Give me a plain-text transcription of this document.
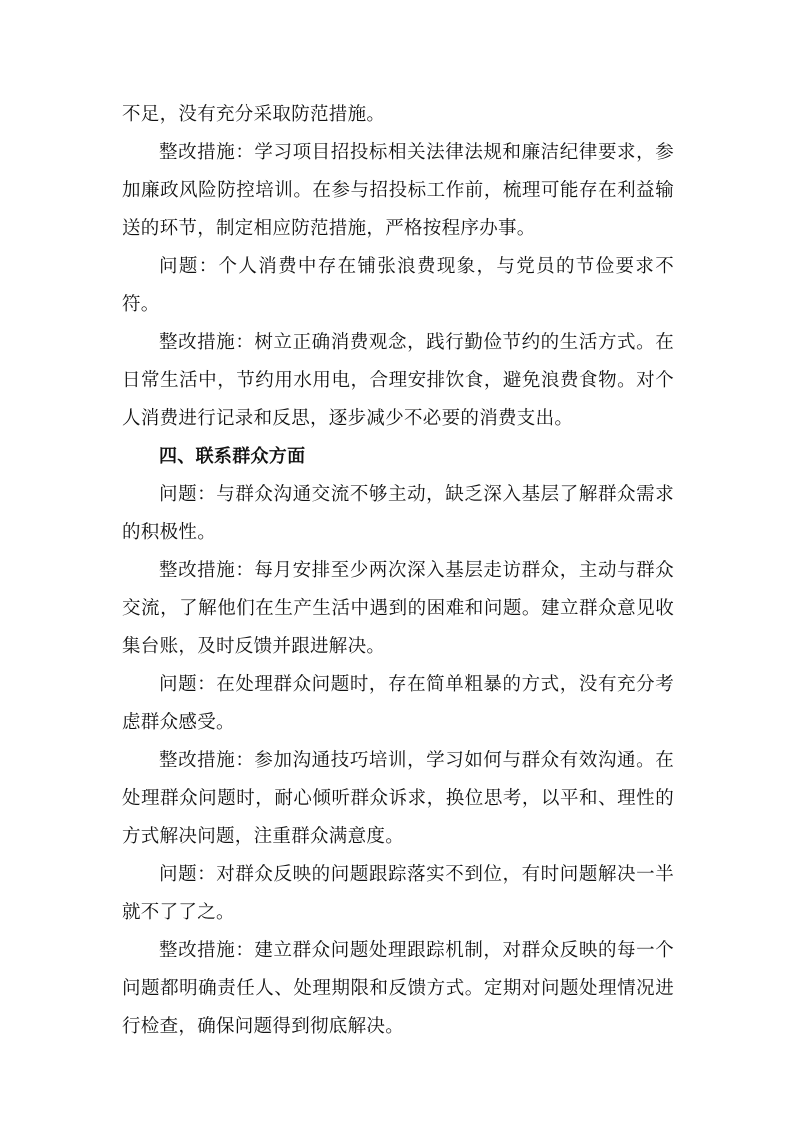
不足，没有充分采取防范措施。

整改措施：学习项目招投标相关法律法规和廉洁纪律要求，参加廉政风险防控培训。在参与招投标工作前，梳理可能存在利益输送的环节，制定相应防范措施，严格按程序办事。

问题：个人消费中存在铺张浪费现象，与党员的节俭要求不符。

整改措施：树立正确消费观念，践行勤俭节约的生活方式。在日常生活中，节约用水用电，合理安排饮食，避免浪费食物。对个人消费进行记录和反思，逐步减少不必要的消费支出。

四、联系群众方面

问题：与群众沟通交流不够主动，缺乏深入基层了解群众需求的积极性。

整改措施：每月安排至少两次深入基层走访群众，主动与群众交流，了解他们在生产生活中遇到的困难和问题。建立群众意见收集台账，及时反馈并跟进解决。

问题：在处理群众问题时，存在简单粗暴的方式，没有充分考虑群众感受。

整改措施：参加沟通技巧培训，学习如何与群众有效沟通。在处理群众问题时，耐心倾听群众诉求，换位思考，以平和、理性的方式解决问题，注重群众满意度。

问题：对群众反映的问题跟踪落实不到位，有时问题解决一半就不了了之。

整改措施：建立群众问题处理跟踪机制，对群众反映的每一个问题都明确责任人、处理期限和反馈方式。定期对问题处理情况进行检查，确保问题得到彻底解决。
